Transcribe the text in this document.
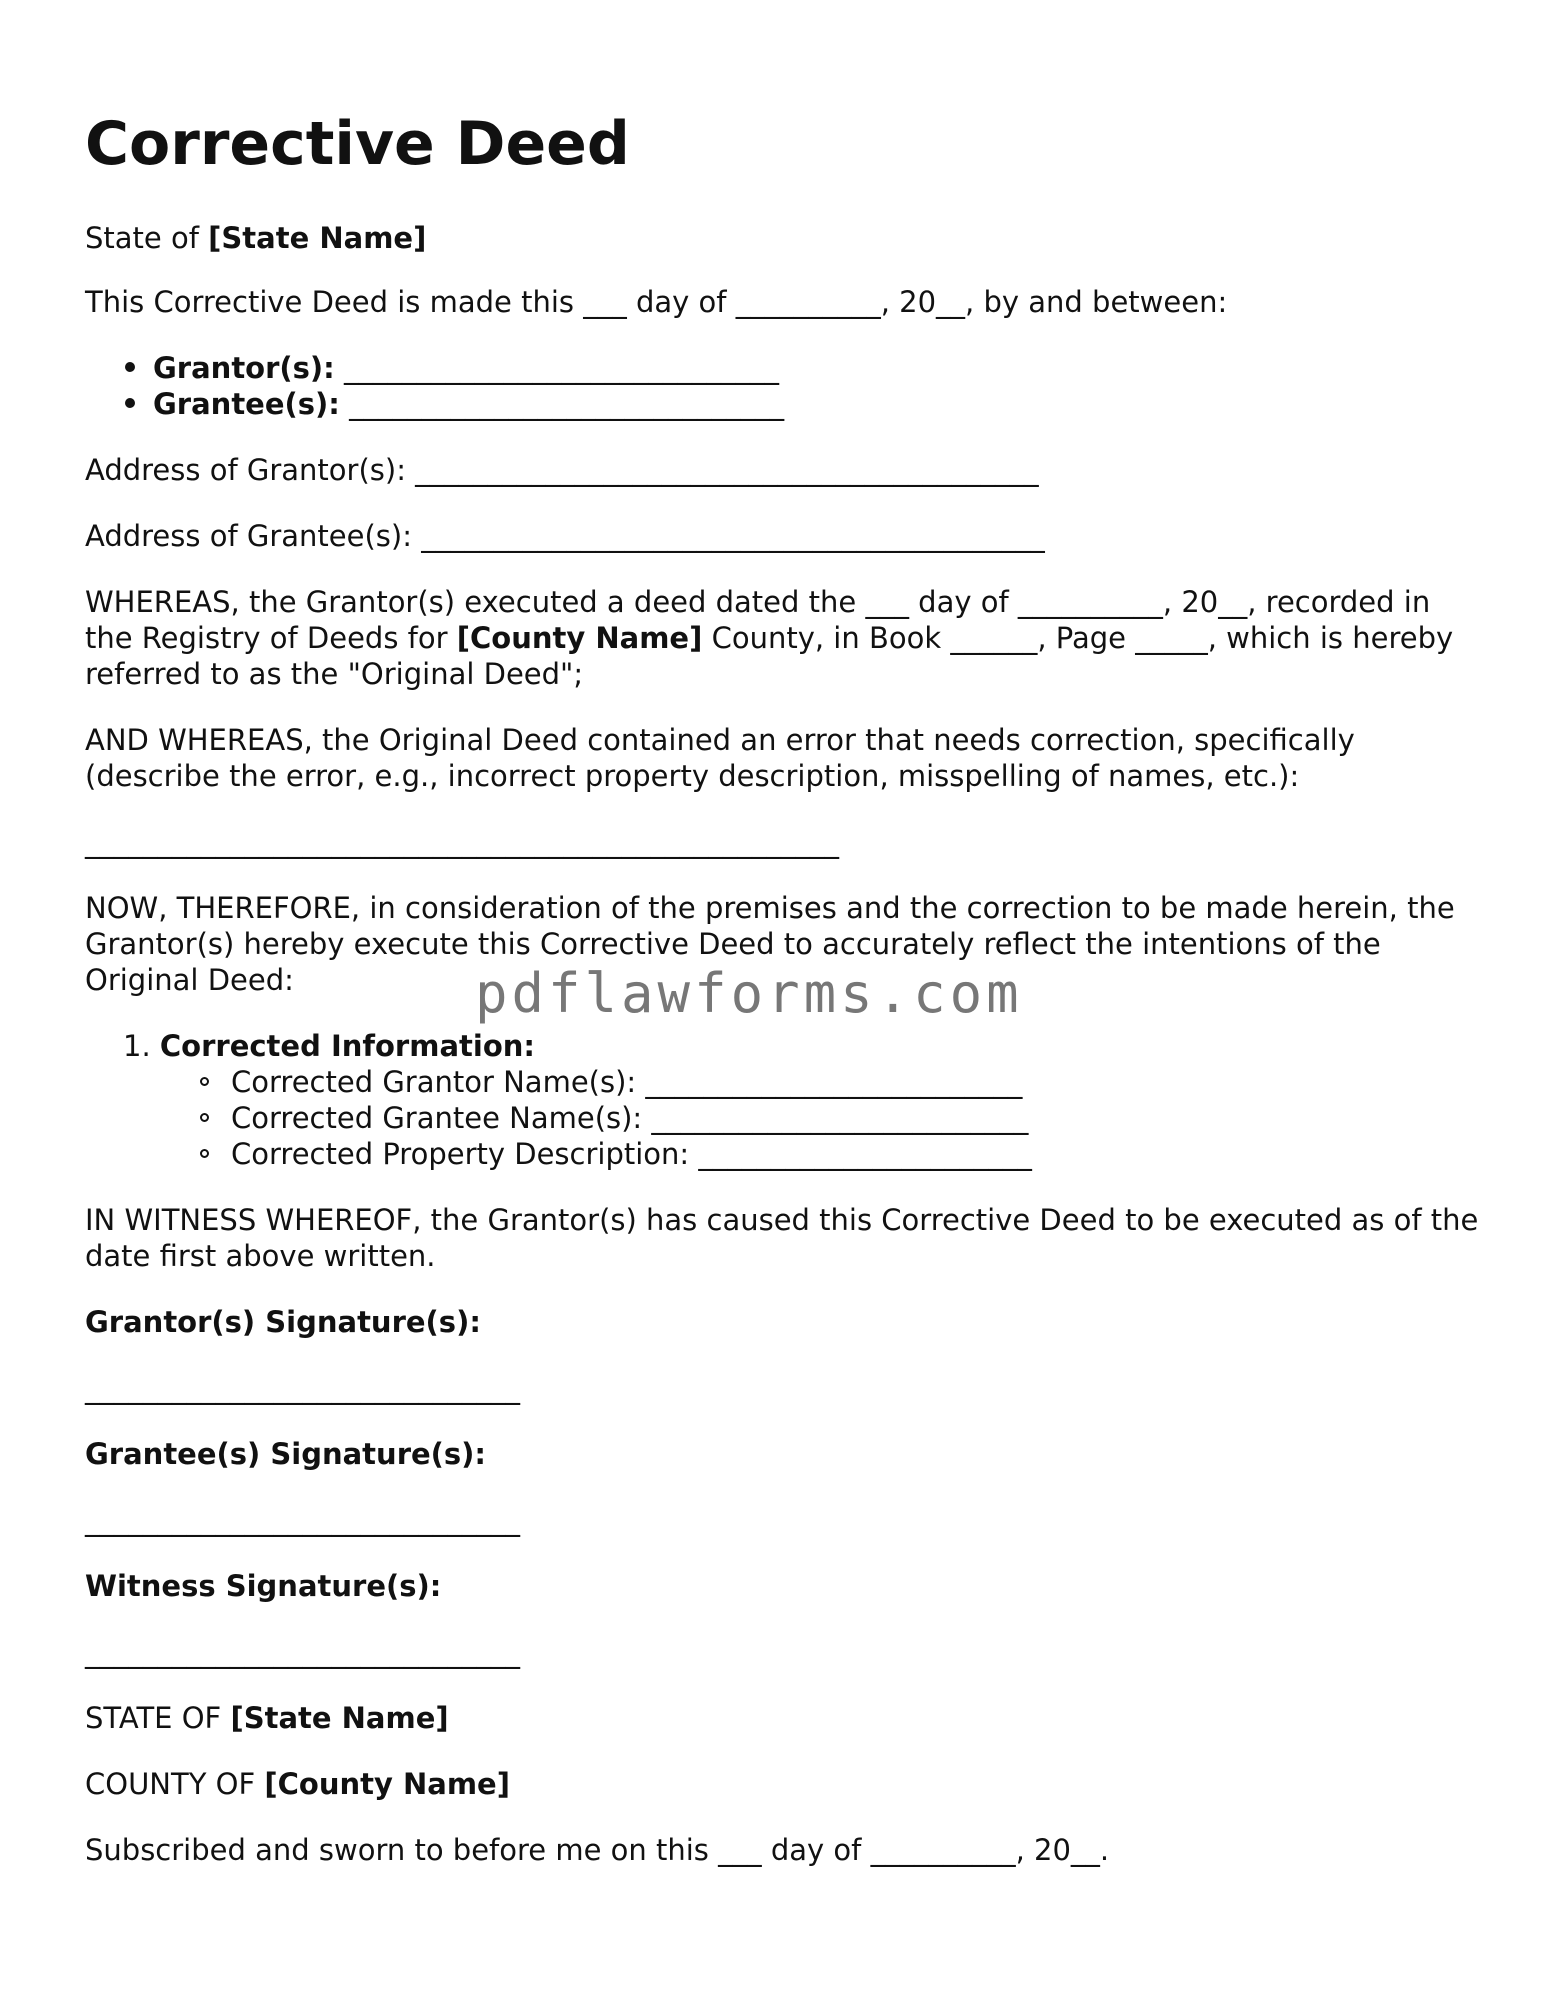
Corrective Deed

State of [State Name]

This Corrective Deed is made this ___ day of __________, 20__, by and between:

Grantor(s): ______________________________
Grantee(s): ______________________________

Address of Grantor(s): ___________________________________________

Address of Grantee(s): ___________________________________________

WHEREAS, the Grantor(s) executed a deed dated the ___ day of __________, 20__, recorded in the Registry of Deeds for [County Name] County, in Book ______, Page _____, which is hereby referred to as the "Original Deed";

AND WHEREAS, the Original Deed contained an error that needs correction, specifically (describe the error, e.g., incorrect property description, misspelling of names, etc.):

____________________________________________________

NOW, THEREFORE, in consideration of the premises and the correction to be made herein, the Grantor(s) hereby execute this Corrective Deed to accurately reflect the intentions of the Original Deed:	pdflawforms.com
1. Corrected Information:
Corrected Grantor Name(s): __________________________
Corrected Grantee Name(s): __________________________
Corrected Property Description: _______________________

IN WITNESS WHEREOF, the Grantor(s) has caused this Corrective Deed to be executed as of the date first above written.

Grantor(s) Signature(s):

______________________________

Grantee(s) Signature(s):

______________________________

Witness Signature(s):

______________________________

STATE OF [State Name]

COUNTY OF [County Name]

Subscribed and sworn to before me on this ___ day of __________, 20__.
